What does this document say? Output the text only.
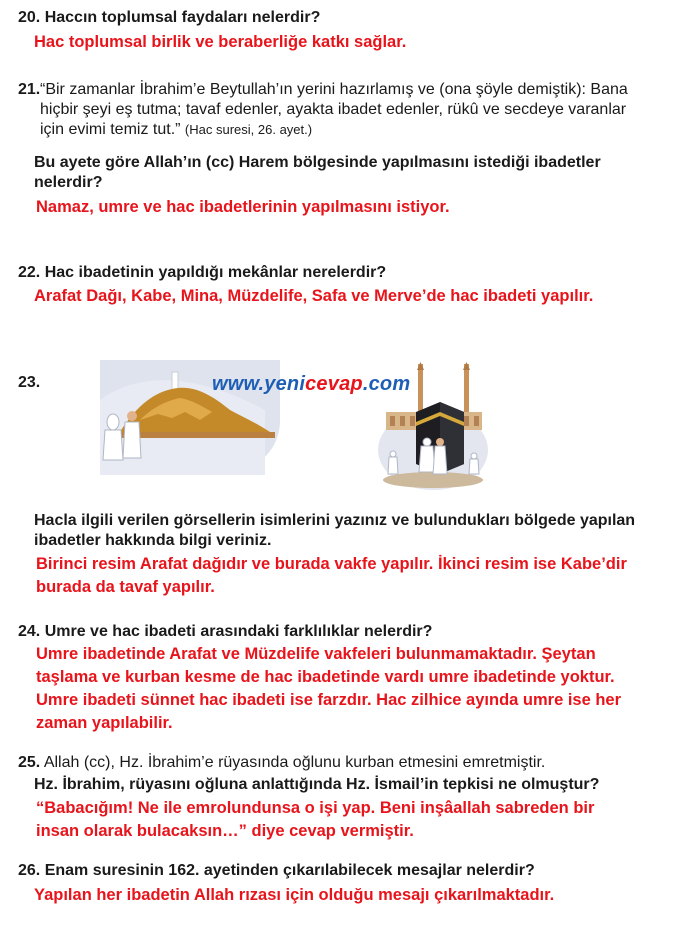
20. Haccın toplumsal faydaları nelerdir?
Hac toplumsal birlik ve beraberliğe katkı sağlar.
21. “Bir zamanlar İbrahim’e Beytullah’ın yerini hazırlamış ve (ona şöyle demiştik): Bana
hiçbir şeyi eş tutma; tavaf edenler, ayakta ibadet edenler, rükû ve secdeye varanlar
için evimi temiz tut.” (Hac suresi, 26. ayet.)
Bu ayete göre Allah’ın (cc) Harem bölgesinde yapılmasını istediği ibadetler
nelerdir?
Namaz, umre ve hac ibadetlerinin yapılmasını istiyor.
22. Hac ibadetinin yapıldığı mekânlar nerelerdir?
Arafat Dağı, Kabe, Mina, Müzdelife, Safa ve Merve’de hac ibadeti yapılır.
23.	www.yenicevap.com
Hacla ilgili verilen görsellerin isimlerini yazınız ve bulundukları bölgede yapılan
ibadetler hakkında bilgi veriniz.
Birinci resim Arafat dağıdır ve burada vakfe yapılır. İkinci resim ise Kabe’dir
burada da tavaf yapılır.
24. Umre ve hac ibadeti arasındaki farklılıklar nelerdir?
Umre ibadetinde Arafat ve Müzdelife vakfeleri bulunmamaktadır. Şeytan
taşlama ve kurban kesme de hac ibadetinde vardı umre ibadetinde yoktur.
Umre ibadeti sünnet hac ibadeti ise farzdır. Hac zilhice ayında umre ise her
zaman yapılabilir.
25. Allah (cc), Hz. İbrahim’e rüyasında oğlunu kurban etmesini emretmiştir.
Hz. İbrahim, rüyasını oğluna anlattığında Hz. İsmail’in tepkisi ne olmuştur?
“Babacığım! Ne ile emrolundunsa o işi yap. Beni inşâallah sabreden bir
insan olarak bulacaksın…” diye cevap vermiştir.
26. Enam suresinin 162. ayetinden çıkarılabilecek mesajlar nelerdir?
Yapılan her ibadetin Allah rızası için olduğu mesajı çıkarılmaktadır.
